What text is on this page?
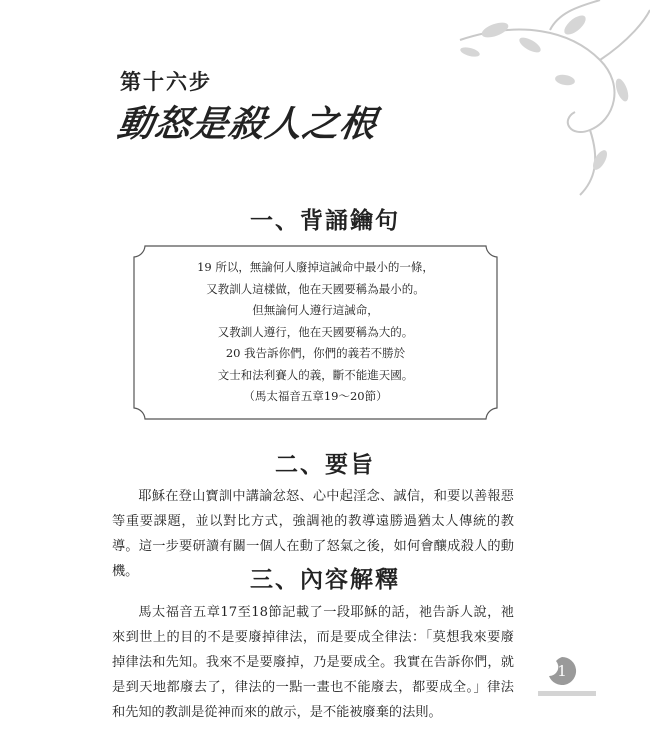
第十六步
動怒是殺人之根
一、背誦鑰句
19 所以，無論何人廢掉這誡命中最小的一條，
又教訓人這樣做，他在天國要稱為最小的。
但無論何人遵行這誡命，
又教訓人遵行，他在天國要稱為大的。
20 我告訴你們，你們的義若不勝於
文士和法利賽人的義，斷不能進天國。
（馬太福音五章19～20節）
二、要旨

耶穌在登山寶訓中講論忿怒、心中起淫念、誠信，和要以善報惡等重要課題，並以對比方式，強調祂的教導遠勝過猶太人傳統的教導。這一步要研讀有關一個人在動了怒氣之後，如何會釀成殺人的動機。	三、內容解釋

馬太福音五章17至18節記載了一段耶穌的話，祂告訴人說，祂來到世上的目的不是要廢掉律法，而是要成全律法：「莫想我來要廢掉律法和先知。我來不是要廢掉，乃是要成全。我實在告訴你們，就是到天地都廢去了，律法的一點一畫也不能廢去，都要成全。」律法和先知的教訓是從神而來的啟示，是不能被廢棄的法則。

1
